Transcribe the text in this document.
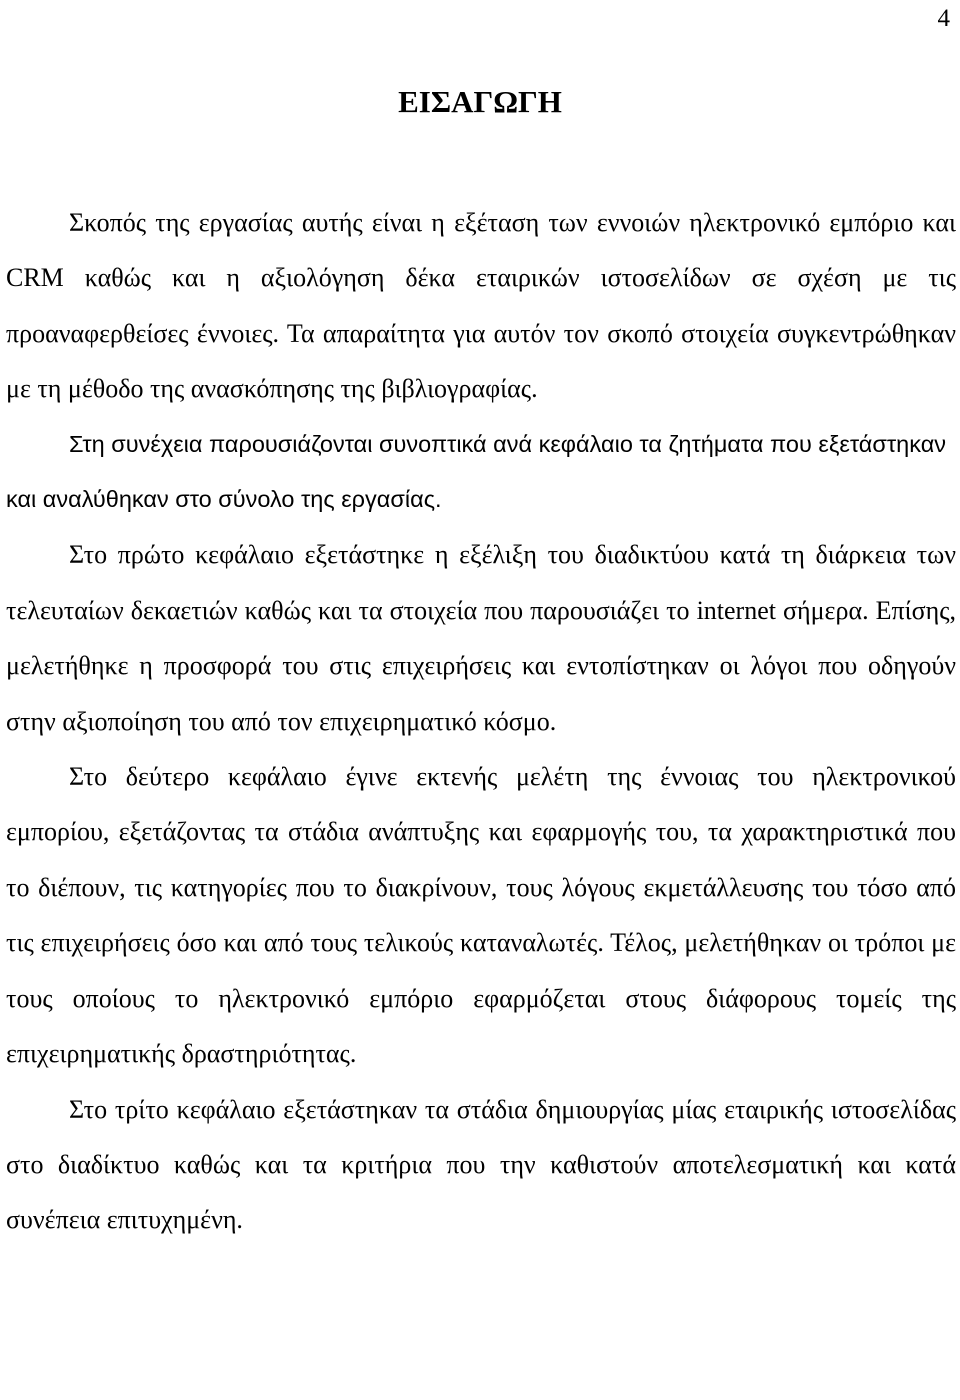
4
ΕΙΣΑΓΩΓΗ

Σκοπός της εργασίας αυτής είναι η εξέταση των εννοιών ηλεκτρονικό εμπόριο και CRM καθώς και η αξιολόγηση δέκα εταιρικών ιστοσελίδων σε σχέση με τις προαναφερθείσες έννοιες. Τα απαραίτητα για αυτόν τον σκοπό στοιχεία συγκεντρώθηκαν με τη μέθοδο της ανασκόπησης της βιβλιογραφίας.

Στη συνέχεια παρουσιάζονται συνοπτικά ανά κεφάλαιο τα ζητήματα που εξετάστηκαν και αναλύθηκαν στο σύνολο της εργασίας.

Στο πρώτο κεφάλαιο εξετάστηκε η εξέλιξη του διαδικτύου κατά τη διάρκεια των τελευταίων δεκαετιών καθώς και τα στοιχεία που παρουσιάζει το internet σήμερα. Επίσης, μελετήθηκε η προσφορά του στις επιχειρήσεις και εντοπίστηκαν οι λόγοι που οδηγούν στην αξιοποίηση του από τον επιχειρηματικό κόσμο.

Στο δεύτερο κεφάλαιο έγινε εκτενής μελέτη της έννοιας του ηλεκτρονικού εμπορίου, εξετάζοντας τα στάδια ανάπτυξης και εφαρμογής του, τα χαρακτηριστικά που το διέπουν, τις κατηγορίες που το διακρίνουν, τους λόγους εκμετάλλευσης του τόσο από τις επιχειρήσεις όσο και από τους τελικούς καταναλωτές. Τέλος, μελετήθηκαν οι τρόποι με τους οποίους το ηλεκτρονικό εμπόριο εφαρμόζεται στους διάφορους τομείς της επιχειρηματικής δραστηριότητας.

Στο τρίτο κεφάλαιο εξετάστηκαν τα στάδια δημιουργίας μίας εταιρικής ιστοσελίδας στο διαδίκτυο καθώς και τα κριτήρια που την καθιστούν αποτελεσματική και κατά συνέπεια επιτυχημένη.
